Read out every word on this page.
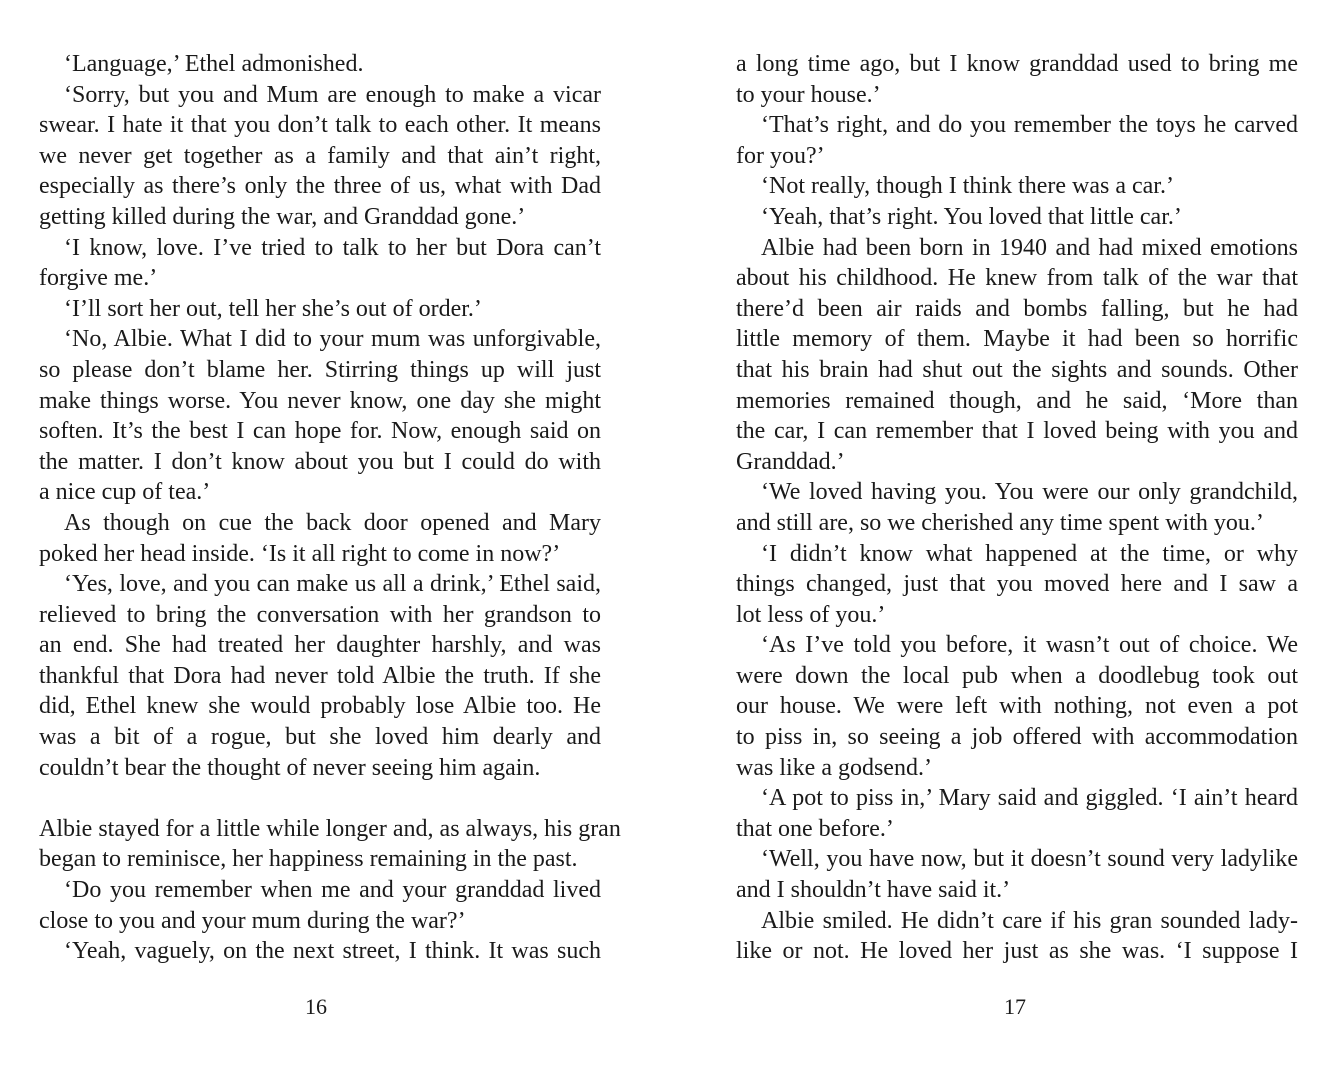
‘Language,’ Ethel admonished.
‘Sorry, but you and Mum are enough to make a vicar
swear. I hate it that you don’t talk to each other. It means
we never get together as a family and that ain’t right,
especially as there’s only the three of us, what with Dad
getting killed during the war, and Granddad gone.’
‘I know, love. I’ve tried to talk to her but Dora can’t
forgive me.’
‘I’ll sort her out, tell her she’s out of order.’
‘No, Albie. What I did to your mum was unforgivable,
so please don’t blame her. Stirring things up will just
make things worse. You never know, one day she might
soften. It’s the best I can hope for. Now, enough said on
the matter. I don’t know about you but I could do with
a nice cup of tea.’
As though on cue the back door opened and Mary
poked her head inside. ‘Is it all right to come in now?’
‘Yes, love, and you can make us all a drink,’ Ethel said,
relieved to bring the conversation with her grandson to
an end. She had treated her daughter harshly, and was
thankful that Dora had never told Albie the truth. If she
did, Ethel knew she would probably lose Albie too. He
was a bit of a rogue, but she loved him dearly and
couldn’t bear the thought of never seeing him again.
Albie stayed for a little while longer and, as always, his gran
began to reminisce, her happiness remaining in the past.
‘Do you remember when me and your granddad lived
close to you and your mum during the war?’
‘Yeah, vaguely, on the next street, I think. It was such
16
a long time ago, but I know granddad used to bring me
to your house.’
‘That’s right, and do you remember the toys he carved
for you?’
‘Not really, though I think there was a car.’
‘Yeah, that’s right. You loved that little car.’
Albie had been born in 1940 and had mixed emotions
about his childhood. He knew from talk of the war that
there’d been air raids and bombs falling, but he had
little memory of them. Maybe it had been so horrific
that his brain had shut out the sights and sounds. Other
memories remained though, and he said, ‘More than
the car, I can remember that I loved being with you and
Granddad.’
‘We loved having you. You were our only grandchild,
and still are, so we cherished any time spent with you.’
‘I didn’t know what happened at the time, or why
things changed, just that you moved here and I saw a
lot less of you.’
‘As I’ve told you before, it wasn’t out of choice. We
were down the local pub when a doodlebug took out
our house. We were left with nothing, not even a pot
to piss in, so seeing a job offered with accommodation
was like a godsend.’
‘A pot to piss in,’ Mary said and giggled. ‘I ain’t heard
that one before.’
‘Well, you have now, but it doesn’t sound very ladylike
and I shouldn’t have said it.’
Albie smiled. He didn’t care if his gran sounded lady-
like or not. He loved her just as she was. ‘I suppose I
17
